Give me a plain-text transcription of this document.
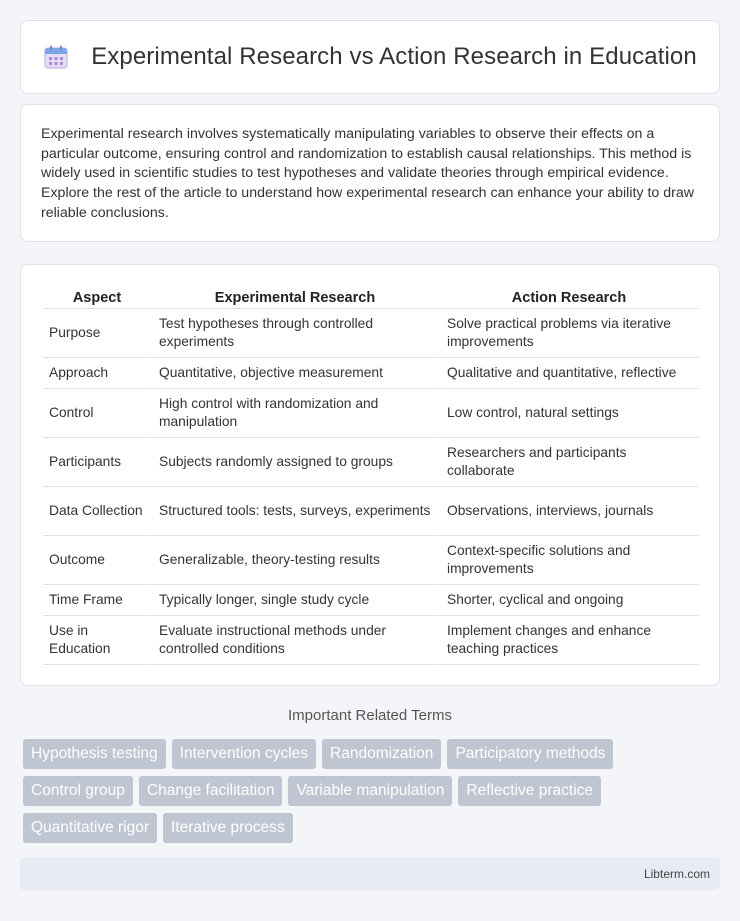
Experimental Research vs Action Research in Education

Experimental research involves systematically manipulating variables to observe their effects on a particular outcome, ensuring control and randomization to establish causal relationships. This method is widely used in scientific studies to test hypotheses and validate theories through empirical evidence. Explore the rest of the article to understand how experimental research can enhance your ability to draw reliable conclusions.

Aspect	Experimental Research	Action Research
Purpose	Test hypotheses through controlled experiments	Solve practical problems via iterative improvements
Approach	Quantitative, objective measurement	Qualitative and quantitative, reflective
Control	High control with randomization and manipulation	Low control, natural settings
Participants	Subjects randomly assigned to groups	Researchers and participants collaborate
Data Collection	Structured tools: tests, surveys, experiments	Observations, interviews, journals
Outcome	Generalizable, theory-testing results	Context-specific solutions and improvements
Time Frame	Typically longer, single study cycle	Shorter, cyclical and ongoing
Use in Education	Evaluate instructional methods under controlled conditions	Implement changes and enhance teaching practices
Important Related Terms
Hypothesis testing	Intervention cycles	Randomization	Participatory methods
Control group	Change facilitation	Variable manipulation	Reflective practice
Quantitative rigor	Iterative process
Libterm.com
